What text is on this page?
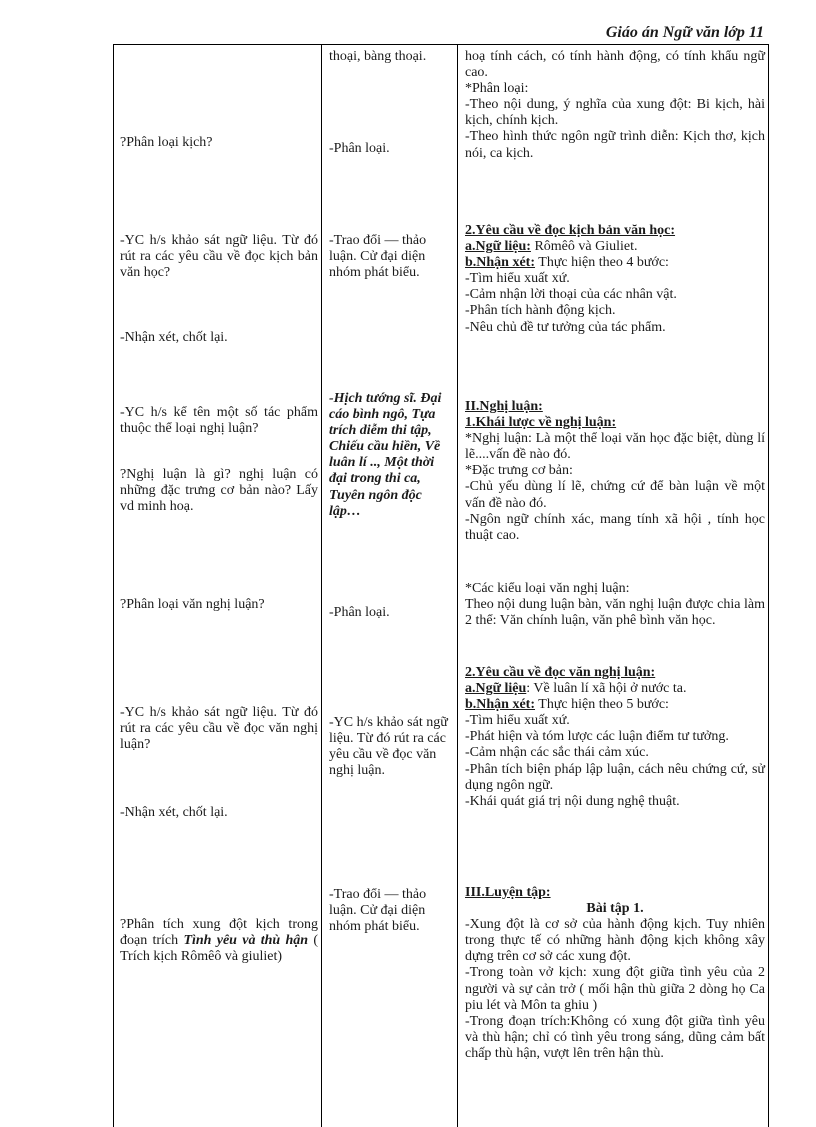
Giáo án Ngữ văn lớp 11

?Phân loại kịch?

-YC h/s khảo sát ngữ liệu. Từ đó rút ra các yêu cầu về đọc kịch bản văn học?

-Nhận xét, chốt lại.

-YC h/s kể tên một số tác phẩm thuộc thể loại nghị luận?

?Nghị luận là gì? nghị luận có những đặc trưng cơ bản nào? Lấy vd minh hoạ.

?Phân loại văn nghị luận?

-YC h/s khảo sát ngữ liệu. Từ đó rút ra các yêu cầu về đọc văn nghị luận?

-Nhận xét, chốt lại.

?Phân tích xung đột kịch trong đoạn trích Tình yêu và thù hận ( Trích kịch Rômêô và giuliet)

thoại, bàng thoại.

-Phân loại.

-Trao đổi — thảo luận. Cử đại diện nhóm phát biểu.

-Hịch tướng sĩ. Đại cáo bình ngô, Tựa trích diễm thi tập, Chiếu cầu hiền, Về luân lí .., Một thời đại trong thi ca, Tuyên ngôn độc lập…

-Phân loại.

-YC h/s khảo sát ngữ liệu. Từ đó rút ra các yêu cầu về đọc văn nghị luận.

-Trao đổi — thảo luận. Cử đại diện nhóm phát biểu.

hoạ tính cách, có tính hành động, có tính khẩu ngữ cao.

*Phân loại:

-Theo nội dung, ý nghĩa của xung đột: Bi kịch, hài kịch, chính kịch.

-Theo hình thức ngôn ngữ trình diễn: Kịch thơ, kịch nói, ca kịch.

2.Yêu cầu về đọc kịch bản văn học:

a.Ngữ liệu: Rômêô và Giuliet.

b.Nhận xét: Thực hiện theo 4 bước:

-Tìm hiểu xuất xứ.

-Cảm nhận lời thoại của các nhân vật.

-Phân tích hành động kịch.

-Nêu chủ đề tư tưởng của tác phẩm.

II.Nghị luận:

1.Khái lược về nghị luận:

*Nghị luận: Là một thể loại văn học đặc biệt, dùng lí lẽ....vấn đề nào đó.

*Đặc trưng cơ bản:

-Chủ yếu dùng lí lẽ, chứng cứ để bàn luận về một vấn đề nào đó.

-Ngôn ngữ chính xác, mang tính xã hội , tính học thuật cao.

*Các kiểu loại văn nghị luận:

Theo nội dung luận bàn, văn nghị luận được chia làm 2 thể: Văn chính luận, văn phê bình văn học.

2.Yêu cầu về đọc văn nghị luận:

a.Ngữ liệu: Về luân lí xã hội ở nước ta.

b.Nhận xét: Thực hiện theo 5 bước:

-Tìm hiểu xuất xứ.

-Phát hiện và tóm lược các luận điểm tư tưởng.

-Cảm nhận các sắc thái cảm xúc.

-Phân tích biện pháp lập luận, cách nêu chứng cứ, sử dụng ngôn ngữ.

-Khái quát giá trị nội dung nghệ thuật.

III.Luyện tập:

Bài tập 1.

-Xung đột là cơ sở của hành động kịch. Tuy nhiên trong thực tế có những hành động kịch không xây dựng trên cơ sở các xung đột.

-Trong toàn vở kịch: xung đột giữa tình yêu của 2 người và sự cản trở ( mối hận thù giữa 2 dòng họ Ca piu lét và Môn ta ghiu )

-Trong đoạn trích:Không có xung đột giữa tình yêu và thù hận; chỉ có tình yêu trong sáng, dũng cảm bất chấp thù hận, vượt lên trên hận thù.
